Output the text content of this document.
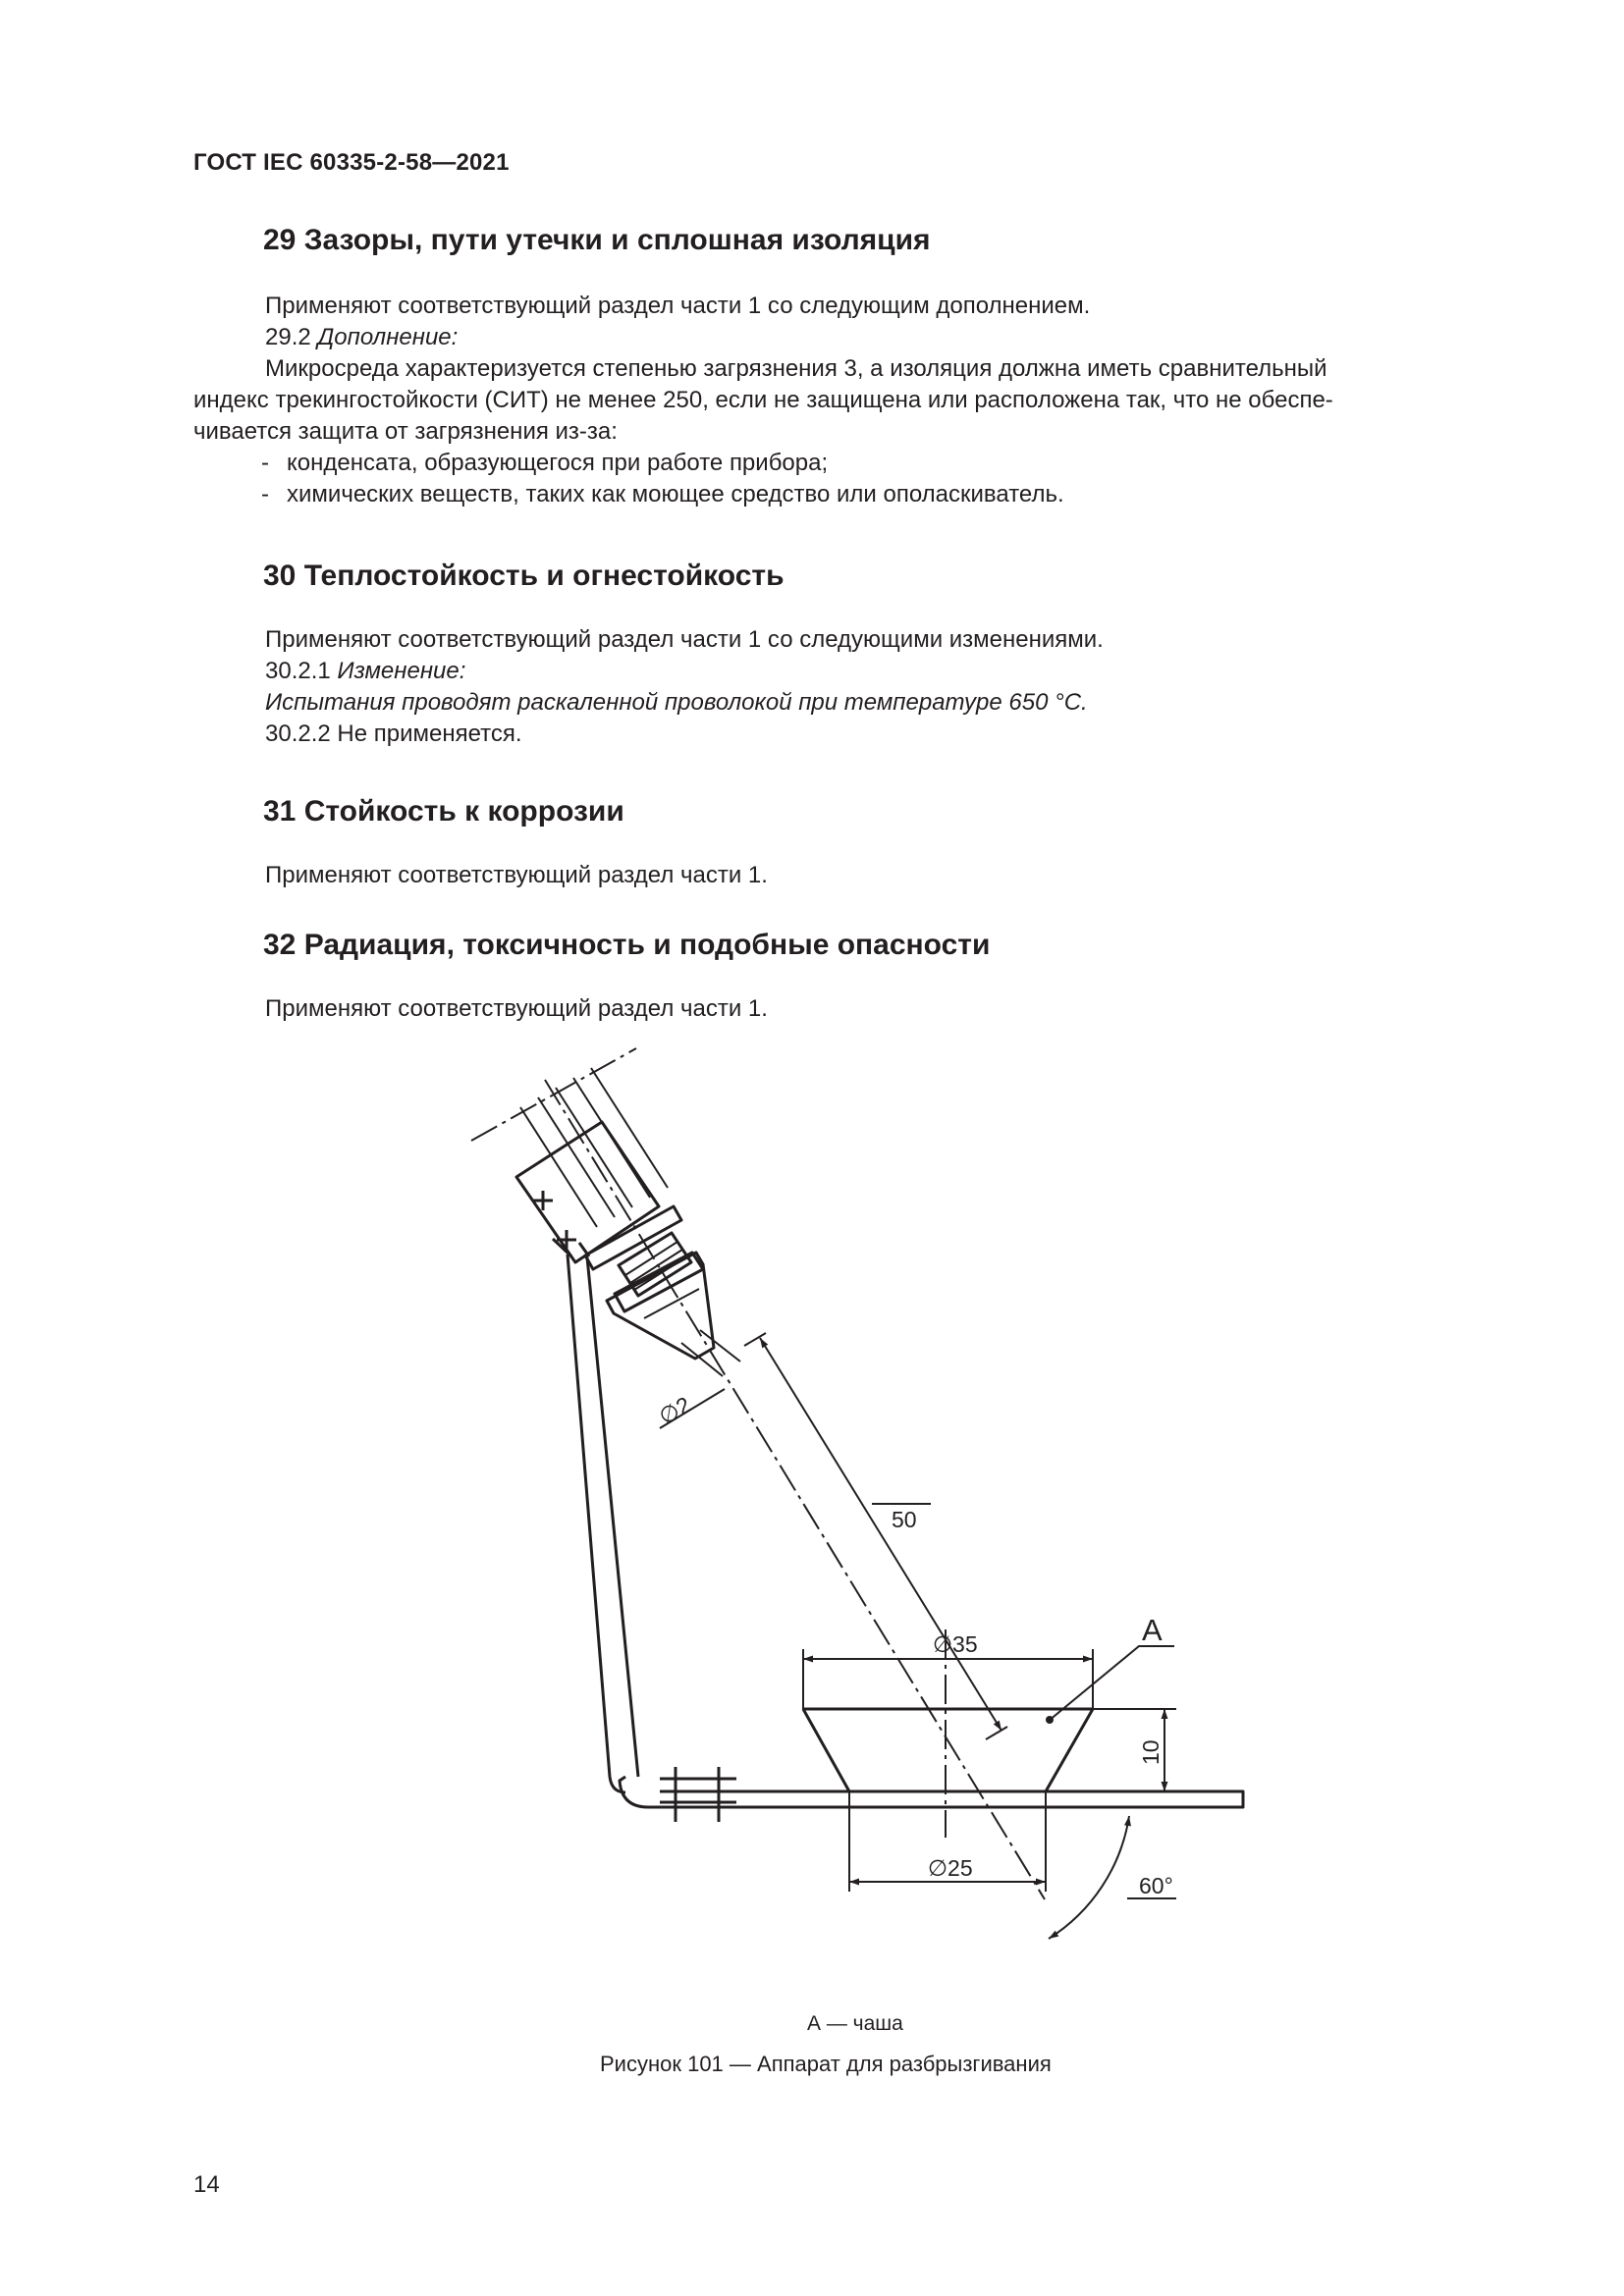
ГОСТ IEC 60335-2-58—2021
29 Зазоры, пути утечки и сплошная изоляция
Применяют соответствующий раздел части 1 со следующим дополнением.
29.2 Дополнение:
Микросреда характеризуется степенью загрязнения 3, а изоляция должна иметь сравнительный
индекс трекингостойкости (СИТ) не менее 250, если не защищена или расположена так, что не обеспе-
чивается защита от загрязнения из-за:
- конденсата, образующегося при работе прибора;
- химических веществ, таких как моющее средство или ополаскиватель.
30 Теплостойкость и огнестойкость
Применяют соответствующий раздел части 1 со следующими изменениями.
30.2.1 Изменение:
Испытания проводят раскаленной проволокой при температуре 650 °С.
30.2.2 Не применяется.
31 Стойкость к коррозии
Применяют соответствующий раздел части 1.
32 Радиация, токсичность и подобные опасности
Применяют соответствующий раздел части 1.
∅2
50
∅35
∅25
10
60°
А
А — чаша
Рисунок 101 — Аппарат для разбрызгивания
14
